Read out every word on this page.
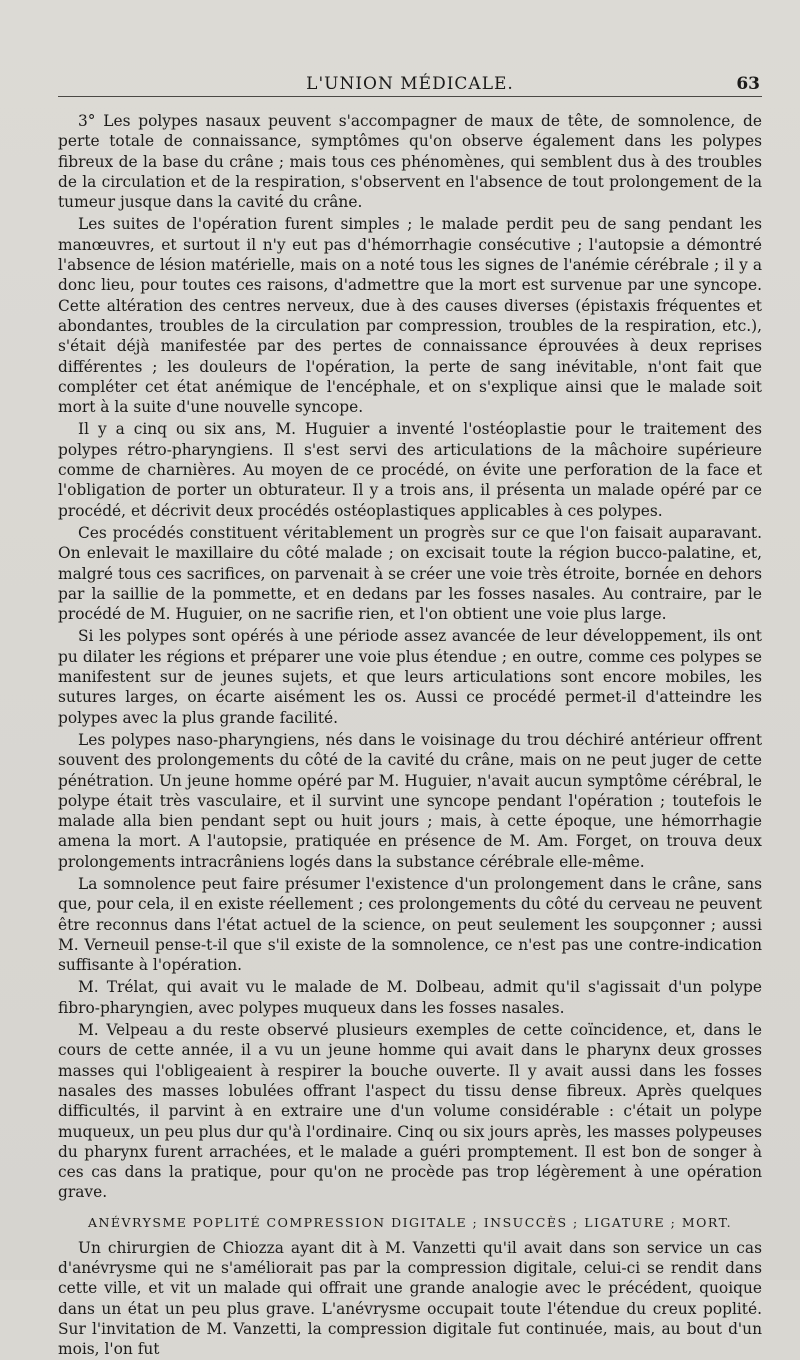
L'UNION MÉDICALE.	63

3° Les polypes nasaux peuvent s'accompagner de maux de tête, de somnolence, de perte totale de connaissance, symptômes qu'on observe également dans les polypes fibreux de la base du crâne ; mais tous ces phénomènes, qui semblent dus à des troubles de la circulation et de la respiration, s'observent en l'absence de tout prolongement de la tumeur jusque dans la cavité du crâne.

Les suites de l'opération furent simples ; le malade perdit peu de sang pendant les manœuvres, et surtout il n'y eut pas d'hémorrhagie consécutive ; l'autopsie a démontré l'absence de lésion matérielle, mais on a noté tous les signes de l'anémie cérébrale ; il y a donc lieu, pour toutes ces raisons, d'admettre que la mort est survenue par une syncope. Cette altération des centres nerveux, due à des causes diverses (épistaxis fréquentes et abondantes, troubles de la circulation par compression, troubles de la respiration, etc.), s'était déjà manifestée par des pertes de connaissance éprouvées à deux reprises différentes ; les douleurs de l'opération, la perte de sang inévitable, n'ont fait que compléter cet état anémique de l'encéphale, et on s'explique ainsi que le malade soit mort à la suite d'une nouvelle syncope.

Il y a cinq ou six ans, M. Huguier a inventé l'ostéoplastie pour le traitement des polypes rétro-pharyngiens. Il s'est servi des articulations de la mâchoire supérieure comme de charnières. Au moyen de ce procédé, on évite une perforation de la face et l'obligation de porter un obturateur. Il y a trois ans, il présenta un malade opéré par ce procédé, et décrivit deux procédés ostéoplastiques applicables à ces polypes.

Ces procédés constituent véritablement un progrès sur ce que l'on faisait auparavant. On enlevait le maxillaire du côté malade ; on excisait toute la région bucco-palatine, et, malgré tous ces sacrifices, on parvenait à se créer une voie très étroite, bornée en dehors par la saillie de la pommette, et en dedans par les fosses nasales. Au contraire, par le procédé de M. Huguier, on ne sacrifie rien, et l'on obtient une voie plus large.

Si les polypes sont opérés à une période assez avancée de leur développement, ils ont pu dilater les régions et préparer une voie plus étendue ; en outre, comme ces polypes se manifestent sur de jeunes sujets, et que leurs articulations sont encore mobiles, les sutures larges, on écarte aisément les os. Aussi ce procédé permet-il d'atteindre les polypes avec la plus grande facilité.

Les polypes naso-pharyngiens, nés dans le voisinage du trou déchiré antérieur offrent souvent des prolongements du côté de la cavité du crâne, mais on ne peut juger de cette pénétration. Un jeune homme opéré par M. Huguier, n'avait aucun symptôme cérébral, le polype était très vasculaire, et il survint une syncope pendant l'opération ; toutefois le malade alla bien pendant sept ou huit jours ; mais, à cette époque, une hémorrhagie amena la mort. A l'autopsie, pratiquée en présence de M. Am. Forget, on trouva deux prolongements intracrâniens logés dans la substance cérébrale elle-même.

La somnolence peut faire présumer l'existence d'un prolongement dans le crâne, sans que, pour cela, il en existe réellement ; ces prolongements du côté du cerveau ne peuvent être reconnus dans l'état actuel de la science, on peut seulement les soupçonner ; aussi M. Verneuil pense-t-il que s'il existe de la somnolence, ce n'est pas une contre-indication suffisante à l'opération.

M. Trélat, qui avait vu le malade de M. Dolbeau, admit qu'il s'agissait d'un polype fibro-pharyngien, avec polypes muqueux dans les fosses nasales.

M. Velpeau a du reste observé plusieurs exemples de cette coïncidence, et, dans le cours de cette année, il a vu un jeune homme qui avait dans le pharynx deux grosses masses qui l'obligeaient à respirer la bouche ouverte. Il y avait aussi dans les fosses nasales des masses lobulées offrant l'aspect du tissu dense fibreux. Après quelques difficultés, il parvint à en extraire une d'un volume considérable : c'était un polype muqueux, un peu plus dur qu'à l'ordinaire. Cinq ou six jours après, les masses polypeuses du pharynx furent arrachées, et le malade a guéri promptement. Il est bon de songer à ces cas dans la pratique, pour qu'on ne procède pas trop légèrement à une opération grave.

ANÉVRYSME POPLITÉ COMPRESSION DIGITALE ; INSUCCÈS ; LIGATURE ; MORT.

Un chirurgien de Chiozza ayant dit à M. Vanzetti qu'il avait dans son service un cas d'anévrysme qui ne s'améliorait pas par la compression digitale, celui-ci se rendit dans cette ville, et vit un malade qui offrait une grande analogie avec le précédent, quoique dans un état un peu plus grave. L'anévrysme occupait toute l'étendue du creux poplité. Sur l'invitation de M. Vanzetti, la compression digitale fut continuée, mais, au bout d'un mois, l'on fut
